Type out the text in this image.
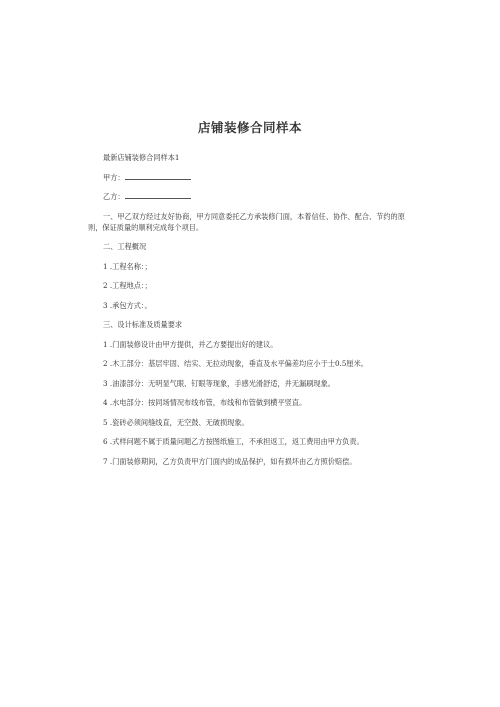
店铺装修合同样本

最新店铺装修合同样本1

甲方：

乙方：

一、甲乙双方经过友好协商，甲方同意委托乙方承装修门面，本着信任、协作、配合、节约的原则，保证质量的顺利完成每个项目。

二、工程概况

1 .工程名称：；

2 .工程地点：；

3 .承包方式：。

三、设计标准及质量要求

1 .门面装修设计由甲方提供，并乙方要提出好的建议。

2 .木工部分：基层牢固、结实、无拉动现象，垂直及水平偏差均应小于士0.5厘米。

3 .油漆部分：无明显气眼、钉眼等现象，手感光滑舒适，并无漏刷现象。

4 .水电部分：按同场情况布线布管，布线和布管做到横平竖直。

5 .瓷砖必须间缝线直，无空鼓、无破损现象。

6 .式样问题不属于质量问题乙方按图纸施工，不承担返工，返工费用由甲方负责。

7 .门面装修期间，乙方负责甲方门面内的成品保护，如有损坏由乙方照价赔偿。
